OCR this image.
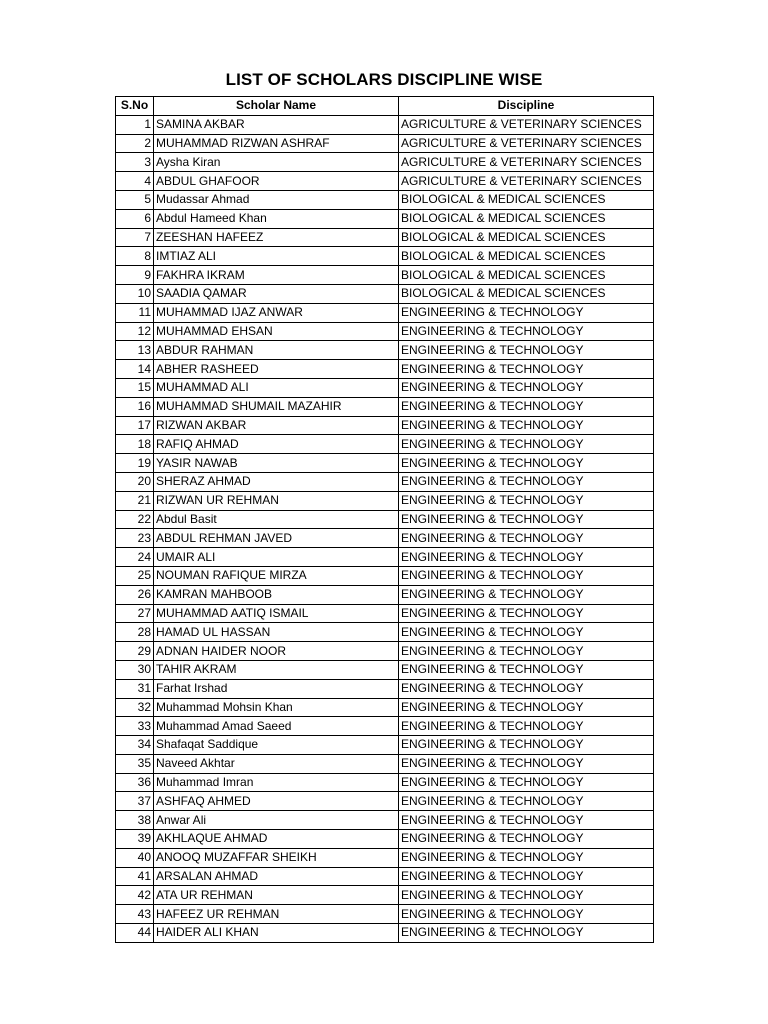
LIST OF SCHOLARS DISCIPLINE WISE
S.No	Scholar Name	Discipline
1	SAMINA AKBAR	AGRICULTURE & VETERINARY SCIENCES
2	MUHAMMAD RIZWAN ASHRAF	AGRICULTURE & VETERINARY SCIENCES
3	Aysha Kiran	AGRICULTURE & VETERINARY SCIENCES
4	ABDUL GHAFOOR	AGRICULTURE & VETERINARY SCIENCES
5	Mudassar Ahmad	BIOLOGICAL & MEDICAL SCIENCES
6	Abdul Hameed Khan	BIOLOGICAL & MEDICAL SCIENCES
7	ZEESHAN HAFEEZ	BIOLOGICAL & MEDICAL SCIENCES
8	IMTIAZ ALI	BIOLOGICAL & MEDICAL SCIENCES
9	FAKHRA IKRAM	BIOLOGICAL & MEDICAL SCIENCES
10	SAADIA QAMAR	BIOLOGICAL & MEDICAL SCIENCES
11	MUHAMMAD IJAZ ANWAR	ENGINEERING & TECHNOLOGY
12	MUHAMMAD EHSAN	ENGINEERING & TECHNOLOGY
13	ABDUR RAHMAN	ENGINEERING & TECHNOLOGY
14	ABHER RASHEED	ENGINEERING & TECHNOLOGY
15	MUHAMMAD ALI	ENGINEERING & TECHNOLOGY
16	MUHAMMAD SHUMAIL MAZAHIR	ENGINEERING & TECHNOLOGY
17	RIZWAN AKBAR	ENGINEERING & TECHNOLOGY
18	RAFIQ AHMAD	ENGINEERING & TECHNOLOGY
19	YASIR NAWAB	ENGINEERING & TECHNOLOGY
20	SHERAZ AHMAD	ENGINEERING & TECHNOLOGY
21	RIZWAN UR REHMAN	ENGINEERING & TECHNOLOGY
22	Abdul Basit	ENGINEERING & TECHNOLOGY
23	ABDUL REHMAN JAVED	ENGINEERING & TECHNOLOGY
24	UMAIR ALI	ENGINEERING & TECHNOLOGY
25	NOUMAN RAFIQUE MIRZA	ENGINEERING & TECHNOLOGY
26	KAMRAN MAHBOOB	ENGINEERING & TECHNOLOGY
27	MUHAMMAD AATIQ ISMAIL	ENGINEERING & TECHNOLOGY
28	HAMAD UL HASSAN	ENGINEERING & TECHNOLOGY
29	ADNAN HAIDER NOOR	ENGINEERING & TECHNOLOGY
30	TAHIR AKRAM	ENGINEERING & TECHNOLOGY
31	Farhat Irshad	ENGINEERING & TECHNOLOGY
32	Muhammad Mohsin Khan	ENGINEERING & TECHNOLOGY
33	Muhammad Amad Saeed	ENGINEERING & TECHNOLOGY
34	Shafaqat Saddique	ENGINEERING & TECHNOLOGY
35	Naveed Akhtar	ENGINEERING & TECHNOLOGY
36	Muhammad Imran	ENGINEERING & TECHNOLOGY
37	ASHFAQ AHMED	ENGINEERING & TECHNOLOGY
38	Anwar Ali	ENGINEERING & TECHNOLOGY
39	AKHLAQUE AHMAD	ENGINEERING & TECHNOLOGY
40	ANOOQ MUZAFFAR SHEIKH	ENGINEERING & TECHNOLOGY
41	ARSALAN AHMAD	ENGINEERING & TECHNOLOGY
42	ATA UR REHMAN	ENGINEERING & TECHNOLOGY
43	HAFEEZ UR REHMAN	ENGINEERING & TECHNOLOGY
44	HAIDER ALI KHAN	ENGINEERING & TECHNOLOGY
